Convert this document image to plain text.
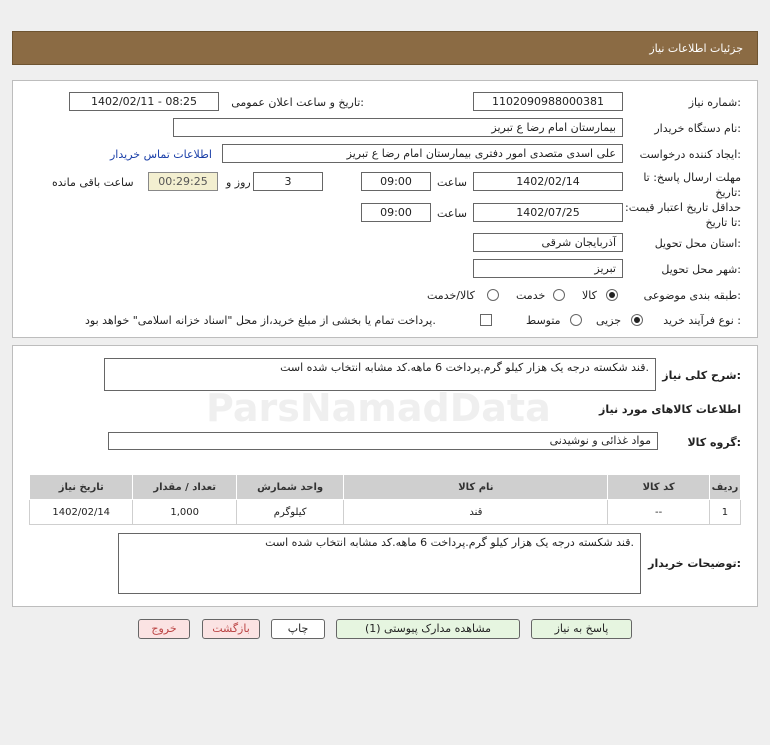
جزئیات اطلاعات نیاز
شماره نیاز:
1102090988000381
تاریخ و ساعت اعلان عمومی:
1402/02/11 - 08:25
نام دستگاه خریدار:
بیمارستان امام رضا ع تبریز
ایجاد کننده درخواست:
علی اسدی متصدی امور دفتری بیمارستان امام رضا ع تبریز
اطلاعات تماس خریدار
مهلت ارسال پاسخ: تا تاریخ:
1402/02/14
ساعت
09:00
3
روز و
00:29:25
ساعت باقی مانده
حداقل تاریخ اعتبار قیمت: تا تاریخ:
1402/07/25
ساعت
09:00
استان محل تحویل:
آذربایجان شرقی
شهر محل تحویل:
تبریز
طبقه بندی موضوعی:
کالا
خدمت
کالا/خدمت
نوع فرآیند خرید :
جزیی
متوسط
پرداخت تمام یا بخشی از مبلغ خرید،از محل "اسناد خزانه اسلامی" خواهد بود.
شرح کلی نیاز:
قند شکسته درجه یک هزار کیلو گرم.پرداخت 6 ماهه.کد مشابه انتخاب شده است.
اطلاعات کالاهای مورد نیاز
گروه کالا:
مواد غذائی و نوشیدنی
ردیف	کد کالا	نام کالا	واحد شمارش	تعداد / مقدار	تاریخ نیاز
1	--	قند	کیلوگرم	1,000	1402/02/14
توضیحات خریدار:
قند شکسته درجه یک هزار کیلو گرم.پرداخت 6 ماهه.کد مشابه انتخاب شده است.
پاسخ به نیاز
مشاهده مدارک پیوستی (1)
چاپ
بازگشت
خروج
ParsNamadData
